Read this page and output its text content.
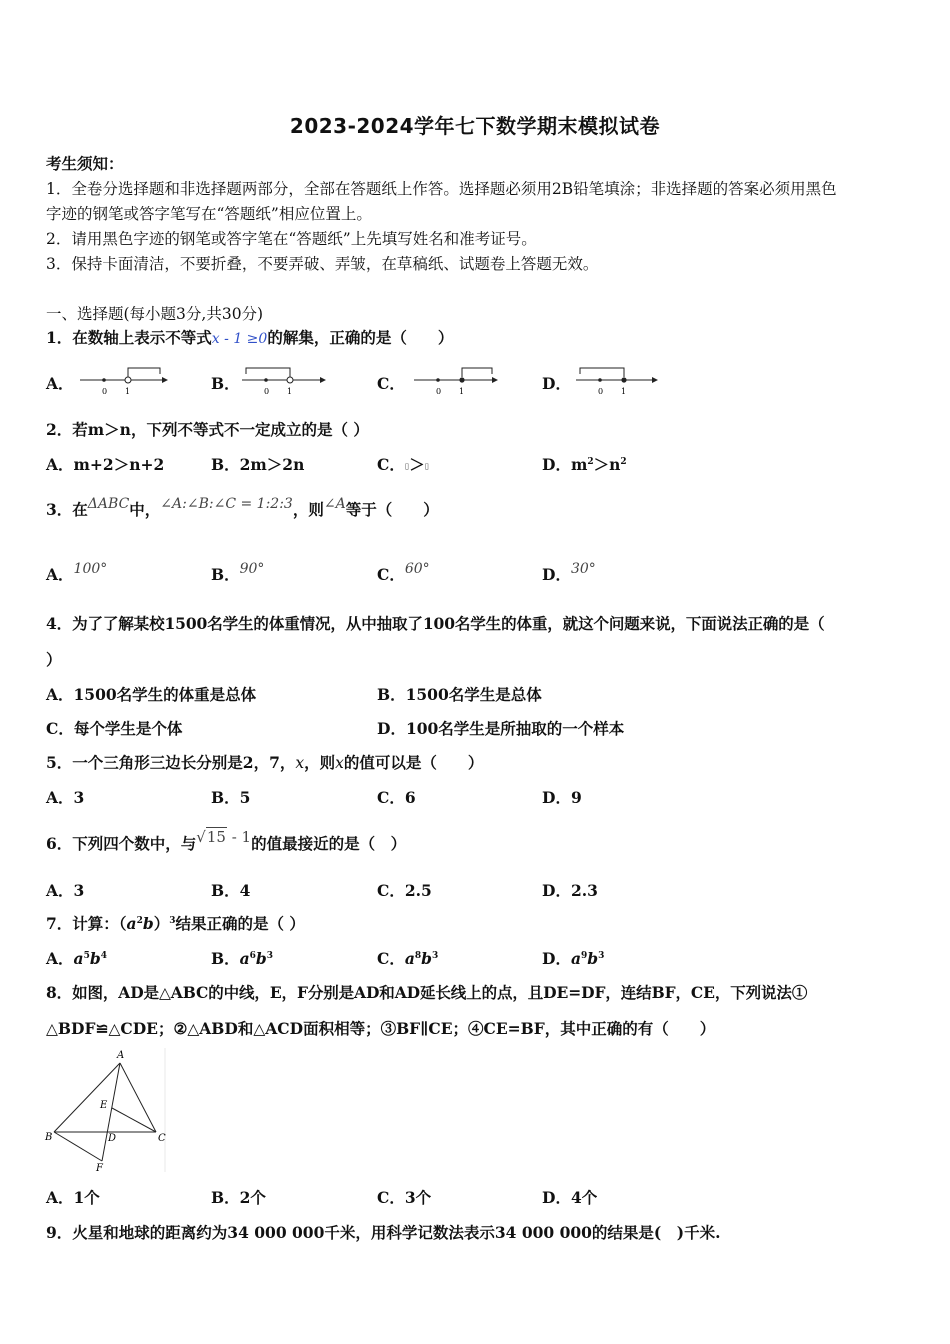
2023-2024学年七下数学期末模拟试卷
考生须知：
1．全卷分选择题和非选择题两部分，全部在答题纸上作答。选择题必须用2B铅笔填涂；非选择题的答案必须用黑色
字迹的钢笔或答字笔写在“答题纸”相应位置上。
2．请用黑色字迹的钢笔或答字笔在“答题纸”上先填写姓名和准考证号。
3．保持卡面清洁，不要折叠，不要弄破、弄皱，在草稿纸、试题卷上答题无效。
一、选择题(每小题3分,共30分)
1．在数轴上表示不等式x - 1 ≥0的解集，正确的是（　　）
A．	B．	C．	D．
0 1	0 1	0 1	0 1
2．若m＞n，下列不等式不一定成立的是（ ）
A．m+2＞n+2	B．2m＞2n	C．▯＞▯	D．$m^2>n^2$
3．在ΔABC中，∠A:∠B:∠C = 1:2:3，则∠A等于（　　）
A．100°	B．90°	C．60°	D．30°
4．为了了解某校1500名学生的体重情况，从中抽取了100名学生的体重，就这个问题来说，下面说法正确的是（
）
A．1500名学生的体重是总体	B．1500名学生是总体
C．每个学生是个体	D．100名学生是所抽取的一个样本
5．一个三角形三边长分别是2，7，x，则x的值可以是（　　）
A．3	B．5	C．6	D．9
6．下列四个数中，与√15 - 1的值最接近的是（　）
A．3	B．4	C．2.5	D．2.3
7．计算：$(a^2b)^3$结果正确的是（ ）
A．$a^5b^4$	B．$a^6b^3$	C．$a^8b^3$	D．$a^9b^3$
8．如图，AD是△ABC的中线，E，F分别是AD和AD延长线上的点，且DE=DF，连结BF，CE，下列说法①
△BDF≌△CDE；②△ABD和△ACD面积相等；③BF∥CE；④CE=BF，其中正确的有（　　）
A
B	C
D
E
F
A．1个	B．2个	C．3个	D．4个
9．火星和地球的距离约为34 000 000千米，用科学记数法表示34 000 000的结果是(　)千米.
